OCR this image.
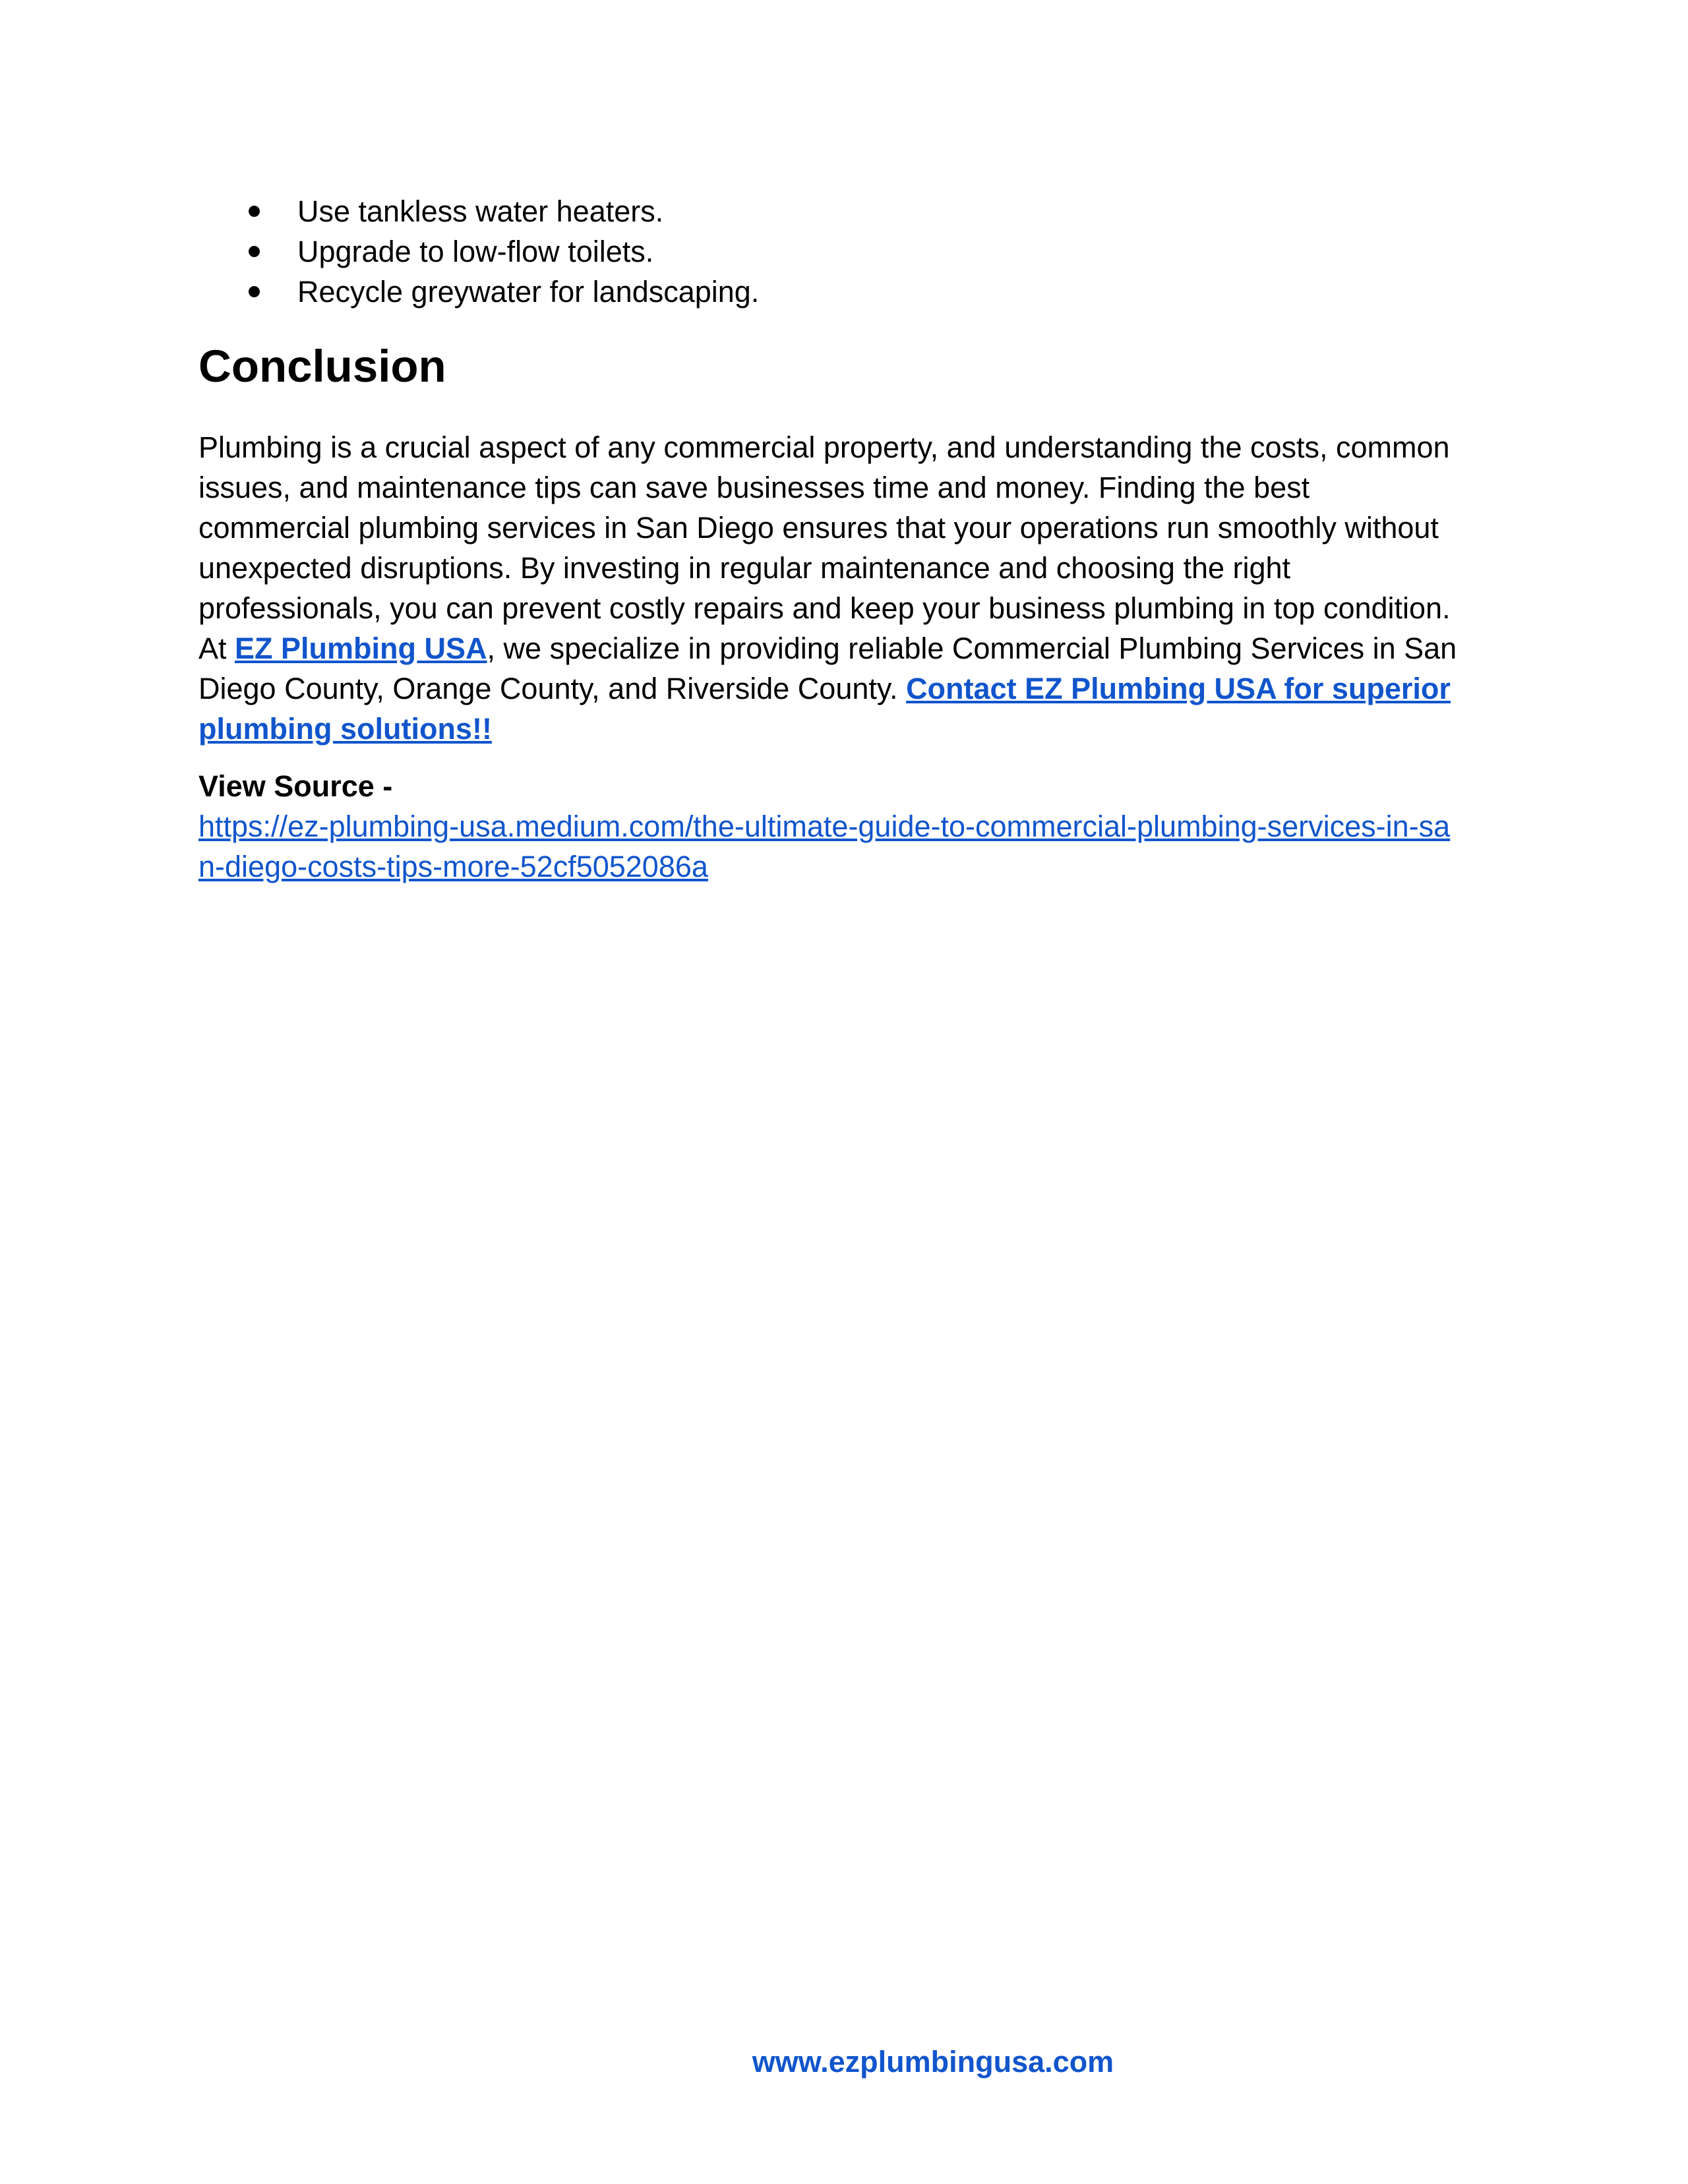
Use tankless water heaters.
Upgrade to low-flow toilets.
Recycle greywater for landscaping.
Conclusion

Plumbing is a crucial aspect of any commercial property, and understanding the costs, common
issues, and maintenance tips can save businesses time and money. Finding the best
commercial plumbing services in San Diego ensures that your operations run smoothly without
unexpected disruptions. By investing in regular maintenance and choosing the right
professionals, you can prevent costly repairs and keep your business plumbing in top condition.
At EZ Plumbing USA, we specialize in providing reliable Commercial Plumbing Services in San
Diego County, Orange County, and Riverside County. Contact EZ Plumbing USA for superior
plumbing solutions!!

View Source -
https://ez-plumbing-usa.medium.com/the-ultimate-guide-to-commercial-plumbing-services-in-sa
n-diego-costs-tips-more-52cf5052086a
www.ezplumbingusa.com
